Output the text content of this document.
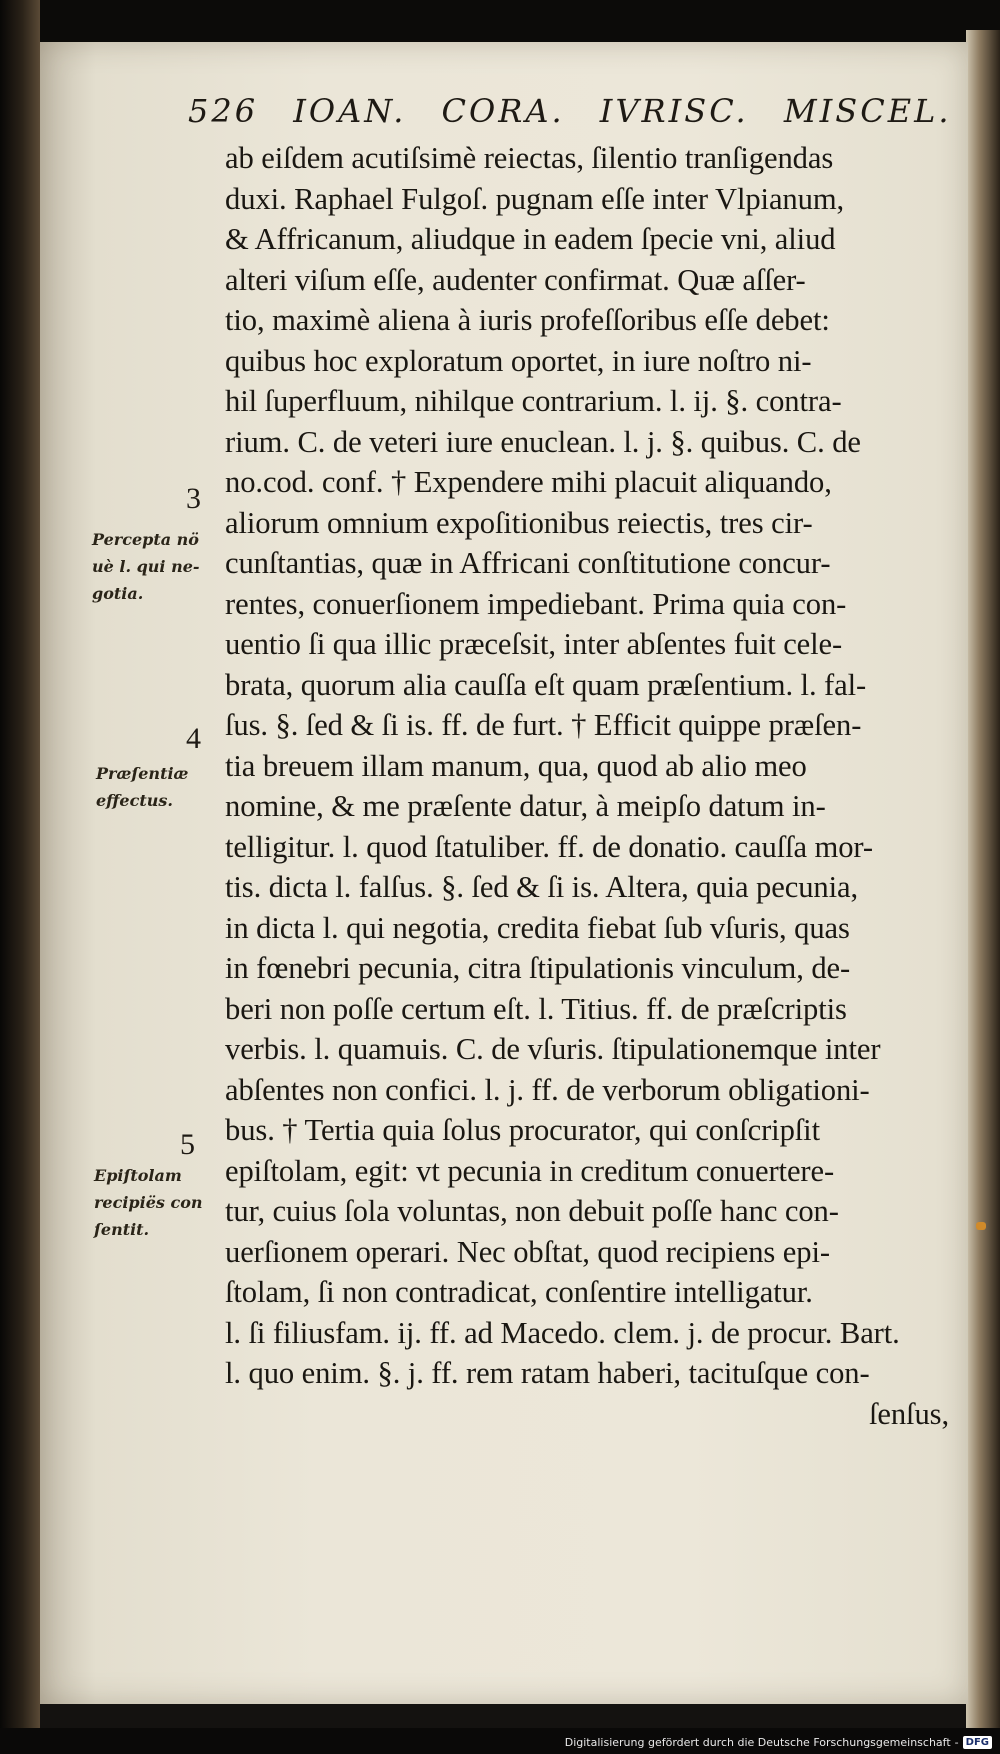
526 IOAN. CORA. IVRISC. MISCEL.
ab eiſdem acutiſsimè reiectas, ſilentio tranſigendas
duxi. Raphael Fulgoſ. pugnam eſſe inter Vlpianum,
& Affricanum, aliudque in eadem ſpecie vni, aliud
alteri viſum eſſe, audenter confirmat. Quæ aſſer-
tio, maximè aliena à iuris profeſſoribus eſſe debet:
quibus hoc exploratum oportet, in iure noſtro ni-
hil ſuperfluum, nihilque contrarium. l. ij. §. contra-
rium. C. de veteri iure enuclean. l. j. §. quibus. C. de
no.cod. conf. † Expendere mihi placuit aliquando,
aliorum omnium expoſitionibus reiectis, tres cir-
cunſtantias, quæ in Affricani conſtitutione concur-
rentes, conuerſionem impediebant. Prima quia con-
uentio ſi qua illic præceſsit, inter abſentes fuit cele-
brata, quorum alia cauſſa eſt quam præſentium. l. fal-
ſus. §. ſed & ſi is. ff. de furt. † Efficit quippe præſen-
tia breuem illam manum, qua, quod ab alio meo
nomine, & me præſente datur, à meipſo datum in-
telligitur. l. quod ſtatuliber. ff. de donatio. cauſſa mor-
tis. dicta l. falſus. §. ſed & ſi is. Altera, quia pecunia,
in dicta l. qui negotia, credita fiebat ſub vſuris, quas
in fœnebri pecunia, citra ſtipulationis vinculum, de-
beri non poſſe certum eſt. l. Titius. ff. de præſcriptis
verbis. l. quamuis. C. de vſuris. ſtipulationemque inter
abſentes non confici. l. j. ff. de verborum obligationi-
bus. † Tertia quia ſolus procurator, qui conſcripſit
epiſtolam, egit: vt pecunia in creditum conuertere-
tur, cuius ſola voluntas, non debuit poſſe hanc con-
uerſionem operari. Nec obſtat, quod recipiens epi-
ſtolam, ſi non contradicat, conſentire intelligatur.
l. ſi filiusfam. ij. ff. ad Macedo. clem. j. de procur. Bart.
l. quo enim. §. j. ff. rem ratam haberi, tacituſque con-
ſenſus,
3
4
5
Percepta nö
uè l. qui ne-
gotia.
Præſentiæ
effectus.
Epiſtolam
recipiës con
ſentit.
Digitalisierung gefördert durch die Deutsche Forschungsgemeinschaft - DFG
